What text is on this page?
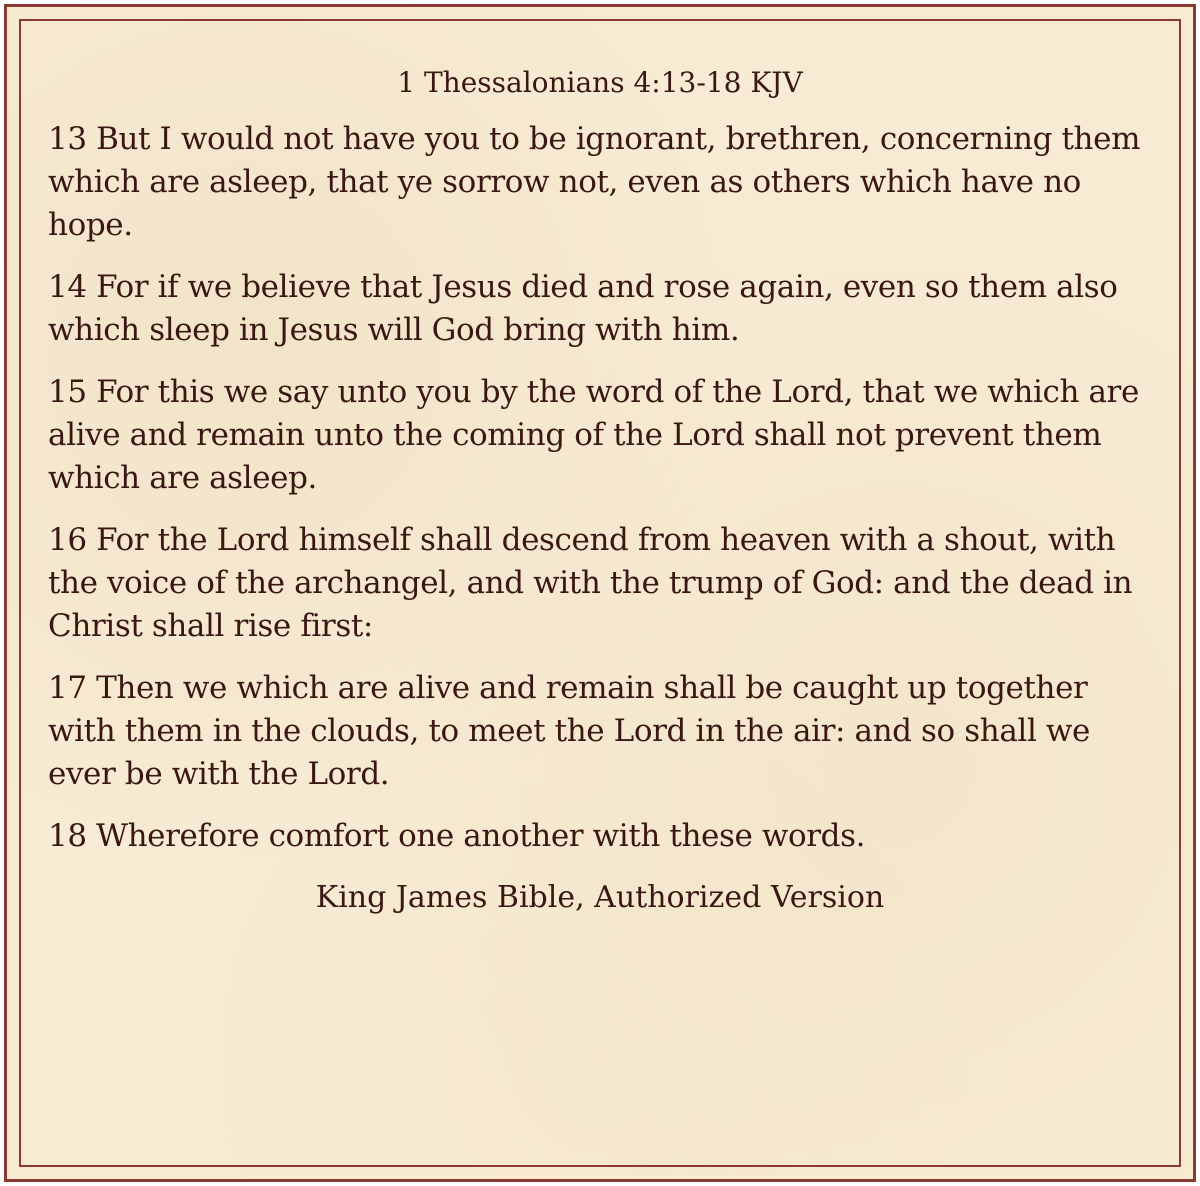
1 Thessalonians 4:13-18 KJV

13 But I would not have you to be ignorant, brethren, concerning them which are asleep, that ye sorrow not, even as others which have no hope.

14 For if we believe that Jesus died and rose again, even so them also which sleep in Jesus will God bring with him.

15 For this we say unto you by the word of the Lord, that we which are alive and remain unto the coming of the Lord shall not prevent them which are asleep.

16 For the Lord himself shall descend from heaven with a shout, with the voice of the archangel, and with the trump of God: and the dead in Christ shall rise first:

17 Then we which are alive and remain shall be caught up together with them in the clouds, to meet the Lord in the air: and so shall we ever be with the Lord.

18 Wherefore comfort one another with these words.

King James Bible, Authorized Version
